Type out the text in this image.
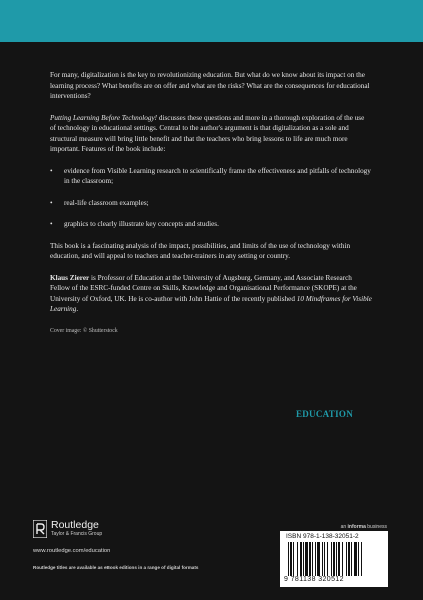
For many, digitalization is the key to revolutionizing education. But what do we know about its impact on the learning process? What benefits are on offer and what are the risks? What are the consequences for educational interventions?

Putting Learning Before Technology! discusses these questions and more in a thorough exploration of the use of technology in educational settings. Central to the author's argument is that digitalization as a sole and structural measure will bring little benefit and that the teachers who bring lessons to life are much more important. Features of the book include:

•	evidence from Visible Learning research to scientifically frame the effectiveness and pitfalls of technology in the classroom;
•	real-life classroom examples;
•	graphics to clearly illustrate key concepts and studies.

This book is a fascinating analysis of the impact, possibilities, and limits of the use of technology within education, and will appeal to teachers and teacher-trainers in any setting or country.

Klaus Zierer is Professor of Education at the University of Augsburg, Germany, and Associate Research Fellow of the ESRC-funded Centre on Skills, Knowledge and Organisational Performance (SKOPE) at the University of Oxford, UK. He is co-author with John Hattie of the recently published 10 Mindframes for Visible Learning.

Cover image: © Shutterstock
EDUCATION
Routledge
Taylor & Francis Group
www.routledge.com/education
Routledge titles are available as eBook editions in a range of digital formats
an informa business
ISBN 978-1-138-32051-2
9 781138 320512
